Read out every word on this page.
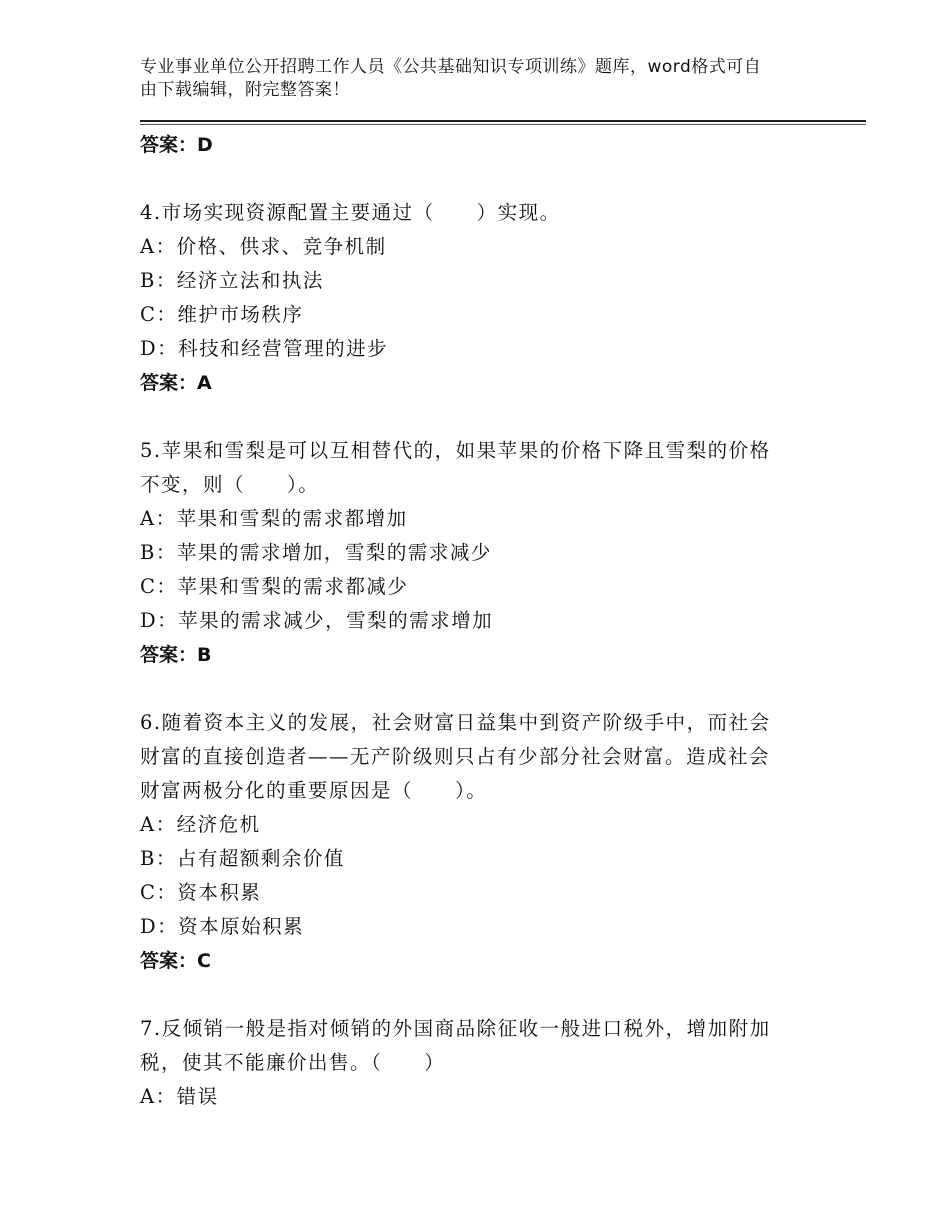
专业事业单位公开招聘工作人员《公共基础知识专项训练》题库，word格式可自
由下载编辑，附完整答案！
答案：D
4.市场实现资源配置主要通过（　　）实现。
A：价格、供求、竞争机制
B：经济立法和执法
C：维护市场秩序
D：科技和经营管理的进步
答案：A
5.苹果和雪梨是可以互相替代的，如果苹果的价格下降且雪梨的价格
不变，则（　　）。
A：苹果和雪梨的需求都增加
B：苹果的需求增加，雪梨的需求减少
C：苹果和雪梨的需求都减少
D：苹果的需求减少，雪梨的需求增加
答案：B
6.随着资本主义的发展，社会财富日益集中到资产阶级手中，而社会
财富的直接创造者——无产阶级则只占有少部分社会财富。造成社会
财富两极分化的重要原因是（　　）。
A：经济危机
B：占有超额剩余价值
C：资本积累
D：资本原始积累
答案：C
7.反倾销一般是指对倾销的外国商品除征收一般进口税外，增加附加
税，使其不能廉价出售。（　　）
A：错误
